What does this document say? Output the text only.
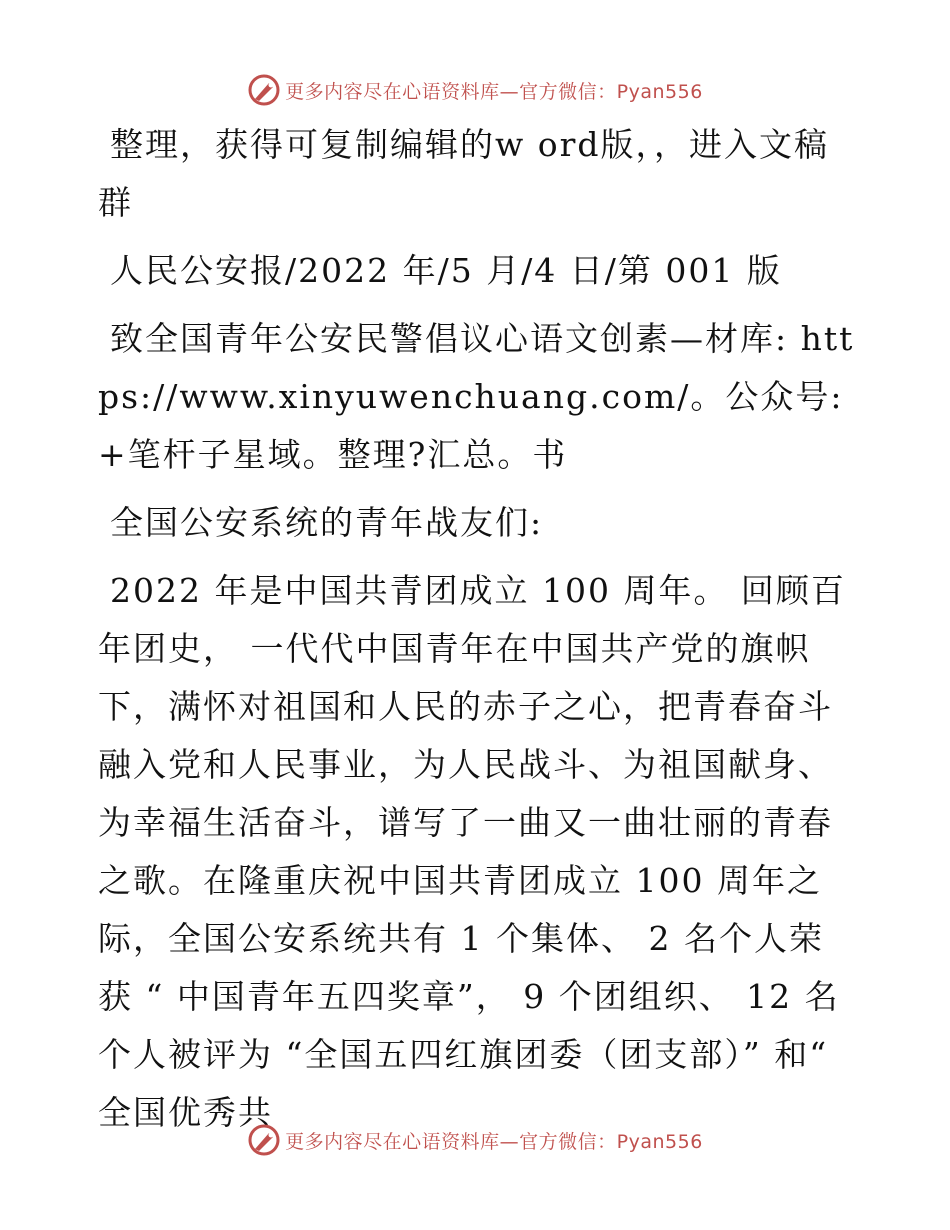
更多内容尽在心语资料库—官方微信：Pyan556

整理，获得可复制编辑的w ord版，，进入文稿群

人民公安报/2022 年/5 月/4 日/第 001 版

致全国青年公安民警倡议心语文创素—材库: https://www.xinyuwenchuang.com/。公众号: +笔杆子星域。整理?汇总。书

全国公安系统的青年战友们:

2022 年是中国共青团成立 100 周年。 回顾百年团史， 一代代中国青年在中国共产党的旗帜下，满怀对祖国和人民的赤子之心，把青春奋斗融入党和人民事业，为人民战斗、为祖国献身、为幸福生活奋斗，谱写了一曲又一曲壮丽的青春之歌。在隆重庆祝中国共青团成立 100 周年之际，全国公安系统共有 1 个集体、 2 名个人荣获 “ 中国青年五四奖章”， 9 个团组织、 12 名个人被评为 “全国五四红旗团委（团支部）” 和“ 全国优秀共

更多内容尽在心语资料库—官方微信：Pyan556
